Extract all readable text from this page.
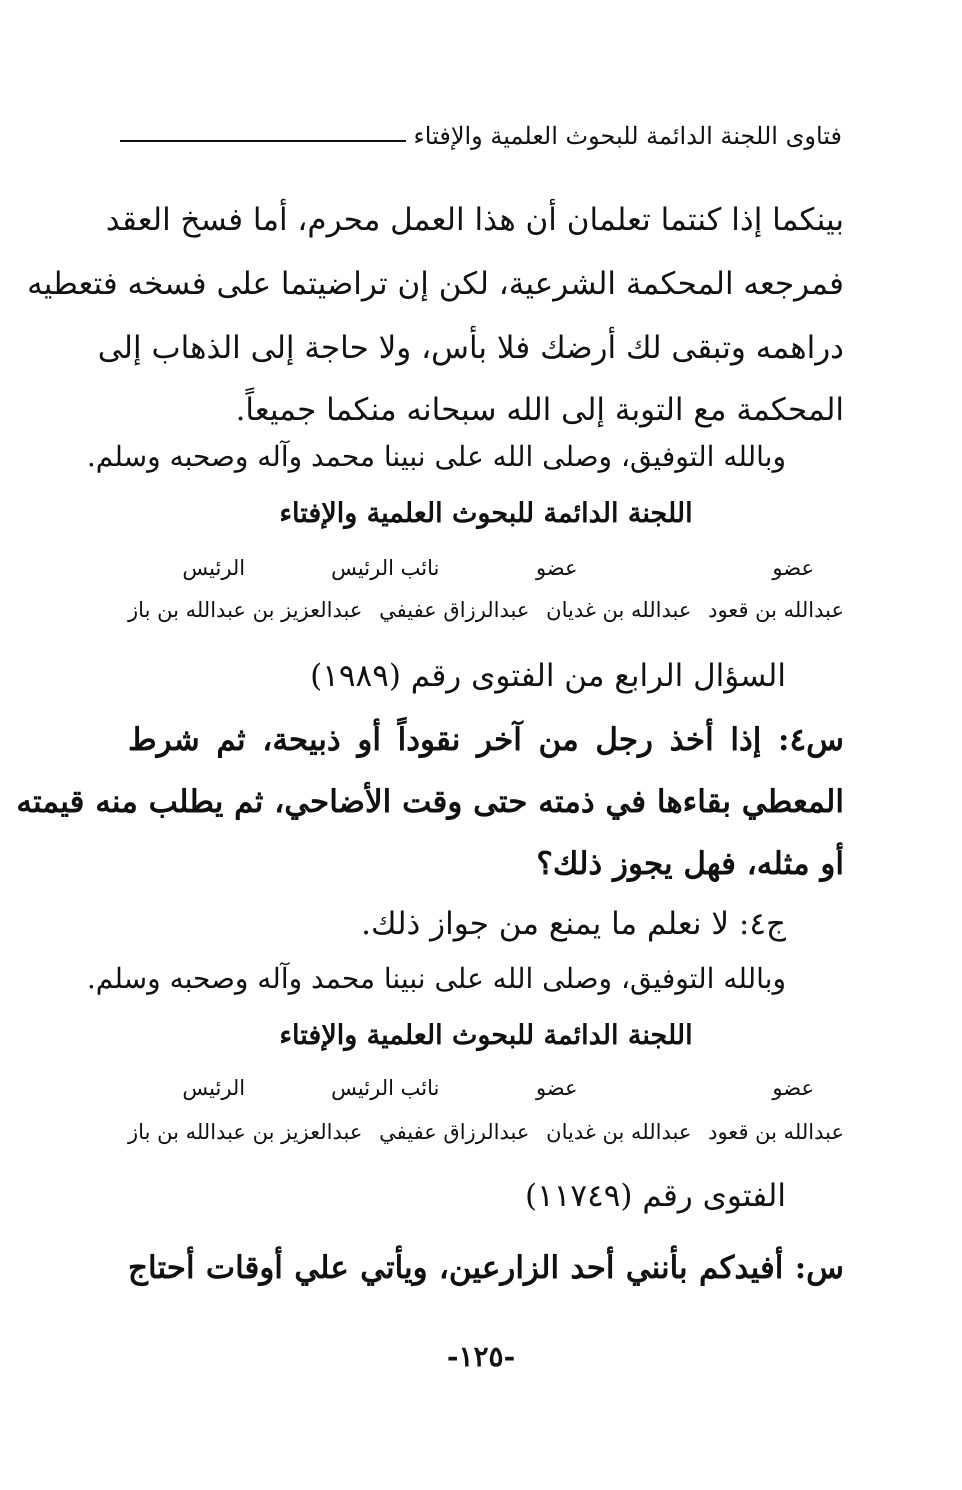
فتاوى اللجنة الدائمة للبحوث العلمية والإفتاء
بينكما إذا كنتما تعلمان أن هذا العمل محرم، أما فسخ العقد
فمرجعه المحكمة الشرعية، لكن إن تراضيتما على فسخه فتعطيه
دراهمه وتبقى لك أرضك فلا بأس، ولا حاجة إلى الذهاب إلى
المحكمة مع التوبة إلى الله سبحانه منكما جميعاً.
وبالله التوفيق، وصلى الله على نبينا محمد وآله وصحبه وسلم.
اللجنة الدائمة للبحوث العلمية والإفتاء
عضو
عضو
نائب الرئيس
الرئيس
عبدالله بن قعود
عبدالله بن غديان
عبدالرزاق عفيفي
عبدالعزيز بن عبدالله بن باز
السؤال الرابع من الفتوى رقم (١٩٨٩)
س٤: إذا أخذ رجل من آخر نقوداً أو ذبيحة، ثم شرط
المعطي بقاءها في ذمته حتى وقت الأضاحي، ثم يطلب منه قيمته
أو مثله، فهل يجوز ذلك؟
ج٤: لا نعلم ما يمنع من جواز ذلك.
وبالله التوفيق، وصلى الله على نبينا محمد وآله وصحبه وسلم.
اللجنة الدائمة للبحوث العلمية والإفتاء
عضو
عضو
نائب الرئيس
الرئيس
عبدالله بن قعود
عبدالله بن غديان
عبدالرزاق عفيفي
عبدالعزيز بن عبدالله بن باز
الفتوى رقم (١١٧٤٩)
س: أفيدكم بأنني أحد الزارعين، ويأتي علي أوقات أحتاج
-١٢٥-
